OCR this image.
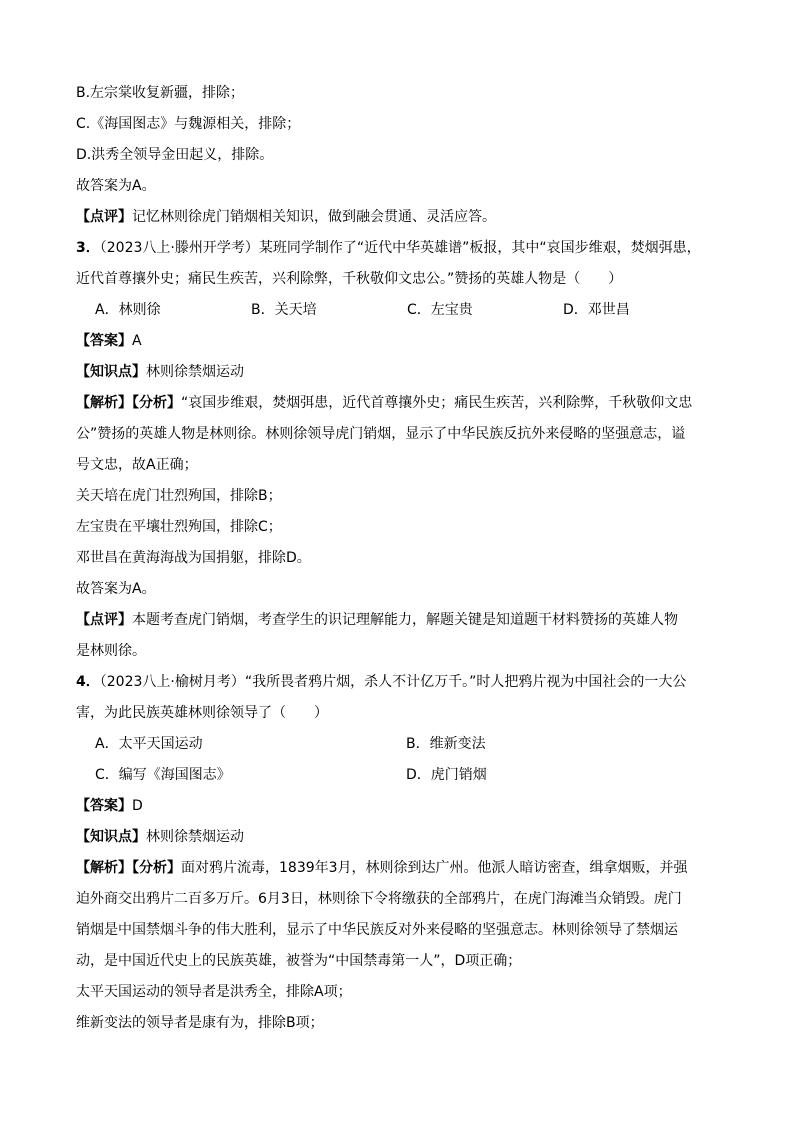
B.左宗棠收复新疆，排除；
C.《海国图志》与魏源相关，排除；
D.洪秀全领导金田起义，排除。
故答案为A。
【点评】记忆林则徐虎门销烟相关知识，做到融会贯通、灵活应答。
3．（2023八上·滕州开学考）某班同学制作了“近代中华英雄谱”板报，其中“哀国步维艰，焚烟弭患，
近代首尊攘外史；痛民生疾苦，兴利除弊，千秋敬仰文忠公。”赞扬的英雄人物是（　　）
A．林则徐	B．关天培	C．左宝贵	D．邓世昌
【答案】A
【知识点】林则徐禁烟运动
【解析】【分析】“哀国步维艰，焚烟弭患，近代首尊攘外史；痛民生疾苦，兴利除弊，千秋敬仰文忠
公”赞扬的英雄人物是林则徐。林则徐领导虎门销烟，显示了中华民族反抗外来侵略的坚强意志，谥
号文忠，故A正确；
关天培在虎门壮烈殉国，排除B；
左宝贵在平壤壮烈殉国，排除C；
邓世昌在黄海海战为国捐躯，排除D。
故答案为A。
【点评】本题考查虎门销烟，考查学生的识记理解能力，解题关键是知道题干材料赞扬的英雄人物
是林则徐。
4．（2023八上·榆树月考）“我所畏者鸦片烟，杀人不计亿万千。”时人把鸦片视为中国社会的一大公
害，为此民族英雄林则徐领导了（　　）
A．太平天国运动	B．维新变法
C．编写《海国图志》	D．虎门销烟
【答案】D
【知识点】林则徐禁烟运动
【解析】【分析】面对鸦片流毒，1839年3月，林则徐到达广州。他派人暗访密查，缉拿烟贩，并强
迫外商交出鸦片二百多万斤。6月3日，林则徐下令将缴获的全部鸦片，在虎门海滩当众销毁。虎门
销烟是中国禁烟斗争的伟大胜利，显示了中华民族反对外来侵略的坚强意志。林则徐领导了禁烟运
动，是中国近代史上的民族英雄，被誉为“中国禁毒第一人”，D项正确；
太平天国运动的领导者是洪秀全，排除A项；
维新变法的领导者是康有为，排除B项；
